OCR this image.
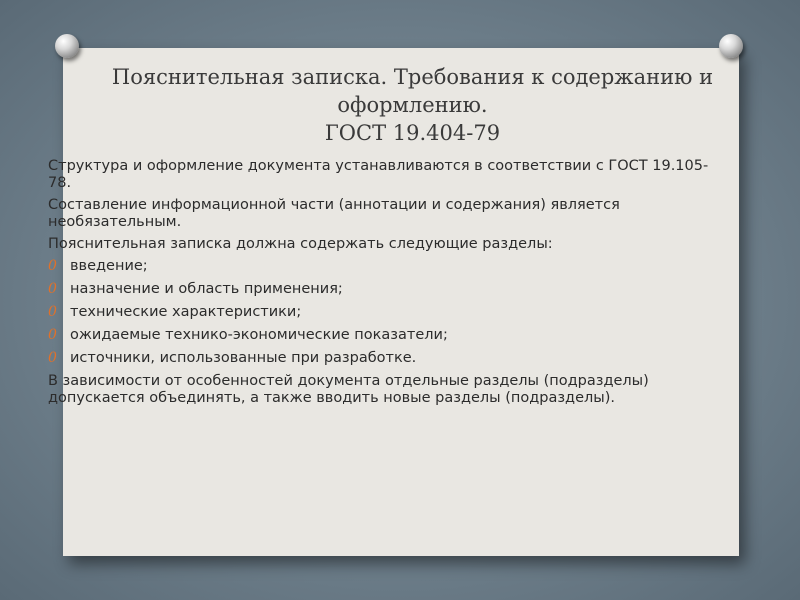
Пояснительная записка. Требования к содержанию и
оформлению.
ГОСТ 19.404-79

Структура и оформление документа устанавливаются в соответствии с ГОСТ 19.105-78.

Составление информационной части (аннотации и содержания) является необязательным.

Пояснительная записка должна содержать следующие разделы:

0 введение;
0 назначение и область применения;
0 технические характеристики;
0 ожидаемые технико-экономические показатели;
0 источники, использованные при разработке.

В зависимости от особенностей документа отдельные разделы (подразделы) допускается объединять, а также вводить новые разделы (подразделы).
